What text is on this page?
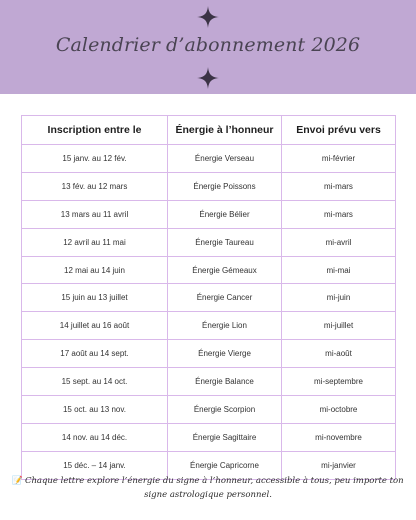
Calendrier d’abonnement 2026
Inscription entre le	Énergie à l’honneur	Envoi prévu vers
15 janv. au 12 fév.	Énergie Verseau	mi-février
13 fév. au 12 mars	Énergie Poissons	mi-mars
13 mars au 11 avril	Énergie Bélier	mi-mars
12 avril au 11 mai	Énergie Taureau	mi-avril
12 mai au 14 juin	Énergie Gémeaux	mi-mai
15 juin au 13 juillet	Énergie Cancer	mi-juin
14 juillet au 16 août	Énergie Lion	mi-juillet
17 août au 14 sept.	Énergie Vierge	mi-août
15 sept. au 14 oct.	Énergie Balance	mi-septembre
15 oct. au 13 nov.	Énergie Scorpion	mi-octobre
14 nov. au 14 déc.	Énergie Sagittaire	mi-novembre
15 déc. – 14 janv.	Énergie Capricorne	mi-janvier
📝 Chaque lettre explore l’énergie du signe à l’honneur, accessible à tous, peu importe ton signe astrologique personnel.
